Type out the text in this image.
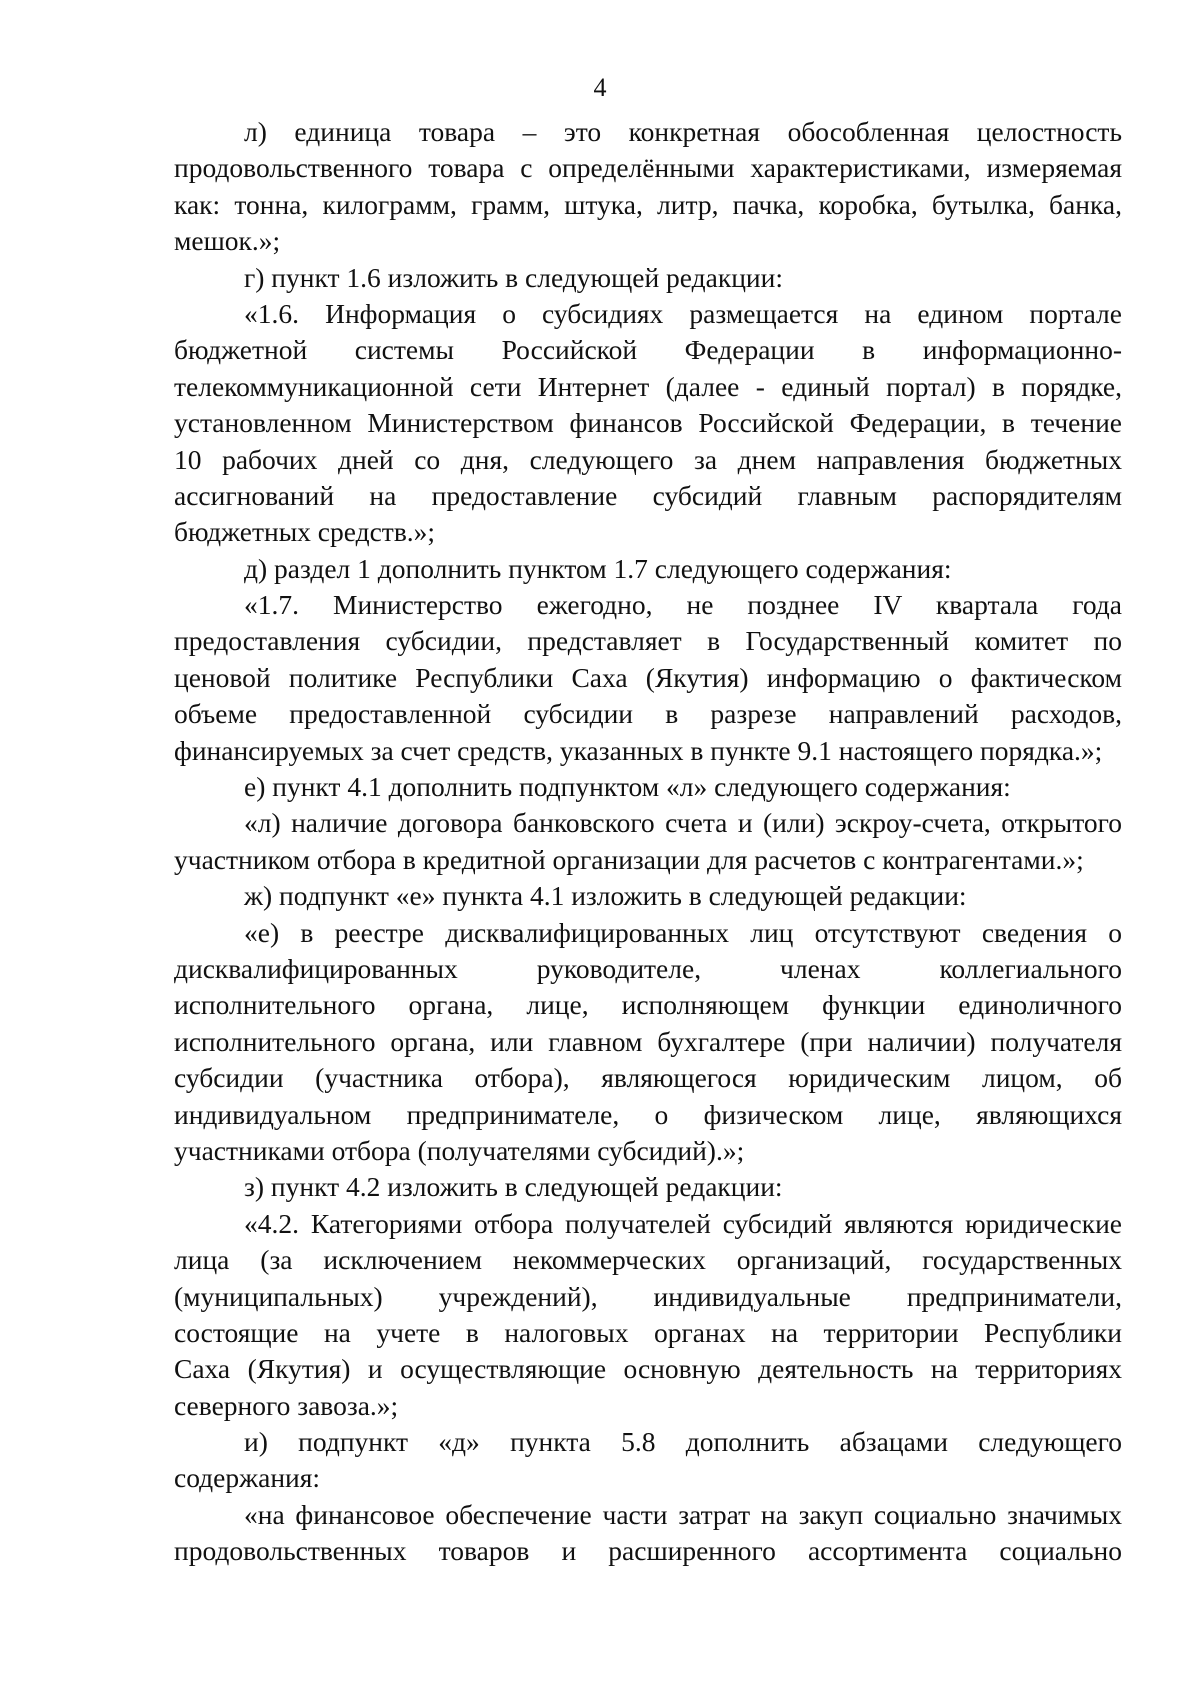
4
л) единица товара – это конкретная обособленная целостность
продовольственного товара с определёнными характеристиками, измеряемая
как: тонна, килограмм, грамм, штука, литр, пачка, коробка, бутылка, банка,
мешок.»;
г) пункт 1.6 изложить в следующей редакции:
«1.6. Информация о субсидиях размещается на едином портале
бюджетной системы Российской Федерации в информационно-
телекоммуникационной сети Интернет (далее - единый портал) в порядке,
установленном Министерством финансов Российской Федерации, в течение
10 рабочих дней со дня, следующего за днем направления бюджетных
ассигнований на предоставление субсидий главным распорядителям
бюджетных средств.»;
д) раздел 1 дополнить пунктом 1.7 следующего содержания:
«1.7. Министерство ежегодно, не позднее IV квартала года
предоставления субсидии, представляет в Государственный комитет по
ценовой политике Республики Саха (Якутия) информацию о фактическом
объеме предоставленной субсидии в разрезе направлений расходов,
финансируемых за счет средств, указанных в пункте 9.1 настоящего порядка.»;
е) пункт 4.1 дополнить подпунктом «л» следующего содержания:
«л) наличие договора банковского счета и (или) эскроу-счета, открытого
участником отбора в кредитной организации для расчетов с контрагентами.»;
ж) подпункт «е» пункта 4.1 изложить в следующей редакции:
«е) в реестре дисквалифицированных лиц отсутствуют сведения о
дисквалифицированных руководителе, членах коллегиального
исполнительного органа, лице, исполняющем функции единоличного
исполнительного органа, или главном бухгалтере (при наличии) получателя
субсидии (участника отбора), являющегося юридическим лицом, об
индивидуальном предпринимателе, о физическом лице, являющихся
участниками отбора (получателями субсидий).»;
з) пункт 4.2 изложить в следующей редакции:
«4.2. Категориями отбора получателей субсидий являются юридические
лица (за исключением некоммерческих организаций, государственных
(муниципальных) учреждений), индивидуальные предприниматели,
состоящие на учете в налоговых органах на территории Республики
Саха (Якутия) и осуществляющие основную деятельность на территориях
северного завоза.»;
и) подпункт «д» пункта 5.8 дополнить абзацами следующего
содержания:
«на финансовое обеспечение части затрат на закуп социально значимых
продовольственных товаров и расширенного ассортимента социально
